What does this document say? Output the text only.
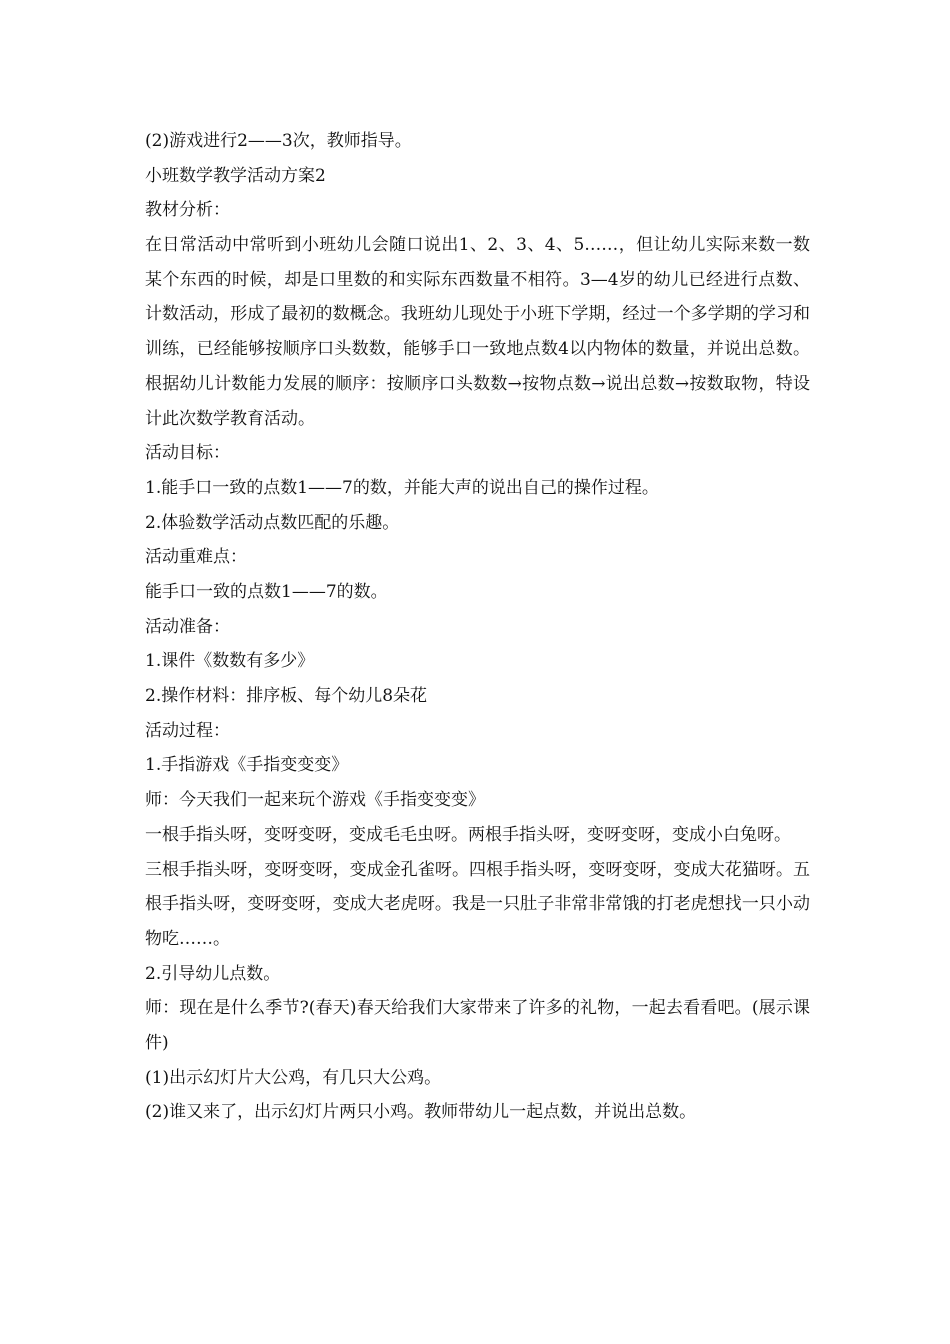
(2)游戏进行2——3次，教师指导。

小班数学教学活动方案2

教材分析：

在日常活动中常听到小班幼儿会随口说出1、2、3、4、5……，但让幼儿实际来数一数某个东西的时候，却是口里数的和实际东西数量不相符。3—4岁的幼儿已经进行点数、计数活动，形成了最初的数概念。我班幼儿现处于小班下学期，经过一个多学期的学习和训练，已经能够按顺序口头数数，能够手口一致地点数4以内物体的数量，并说出总数。根据幼儿计数能力发展的顺序：按顺序口头数数→按物点数→说出总数→按数取物，特设计此次数学教育活动。

活动目标：

1.能手口一致的点数1——7的数，并能大声的说出自己的操作过程。

2.体验数学活动点数匹配的乐趣。

活动重难点：

能手口一致的点数1——7的数。

活动准备：

1.课件《数数有多少》

2.操作材料：排序板、每个幼儿8朵花

活动过程：

1.手指游戏《手指变变变》

师：今天我们一起来玩个游戏《手指变变变》

一根手指头呀，变呀变呀，变成毛毛虫呀。两根手指头呀，变呀变呀，变成小白兔呀。

三根手指头呀，变呀变呀，变成金孔雀呀。四根手指头呀，变呀变呀，变成大花猫呀。五根手指头呀，变呀变呀，变成大老虎呀。我是一只肚子非常非常饿的打老虎想找一只小动物吃……。

2.引导幼儿点数。

师：现在是什么季节?(春天)春天给我们大家带来了许多的礼物，一起去看看吧。(展示课件)

(1)出示幻灯片大公鸡，有几只大公鸡。

(2)谁又来了，出示幻灯片两只小鸡。教师带幼儿一起点数，并说出总数。
